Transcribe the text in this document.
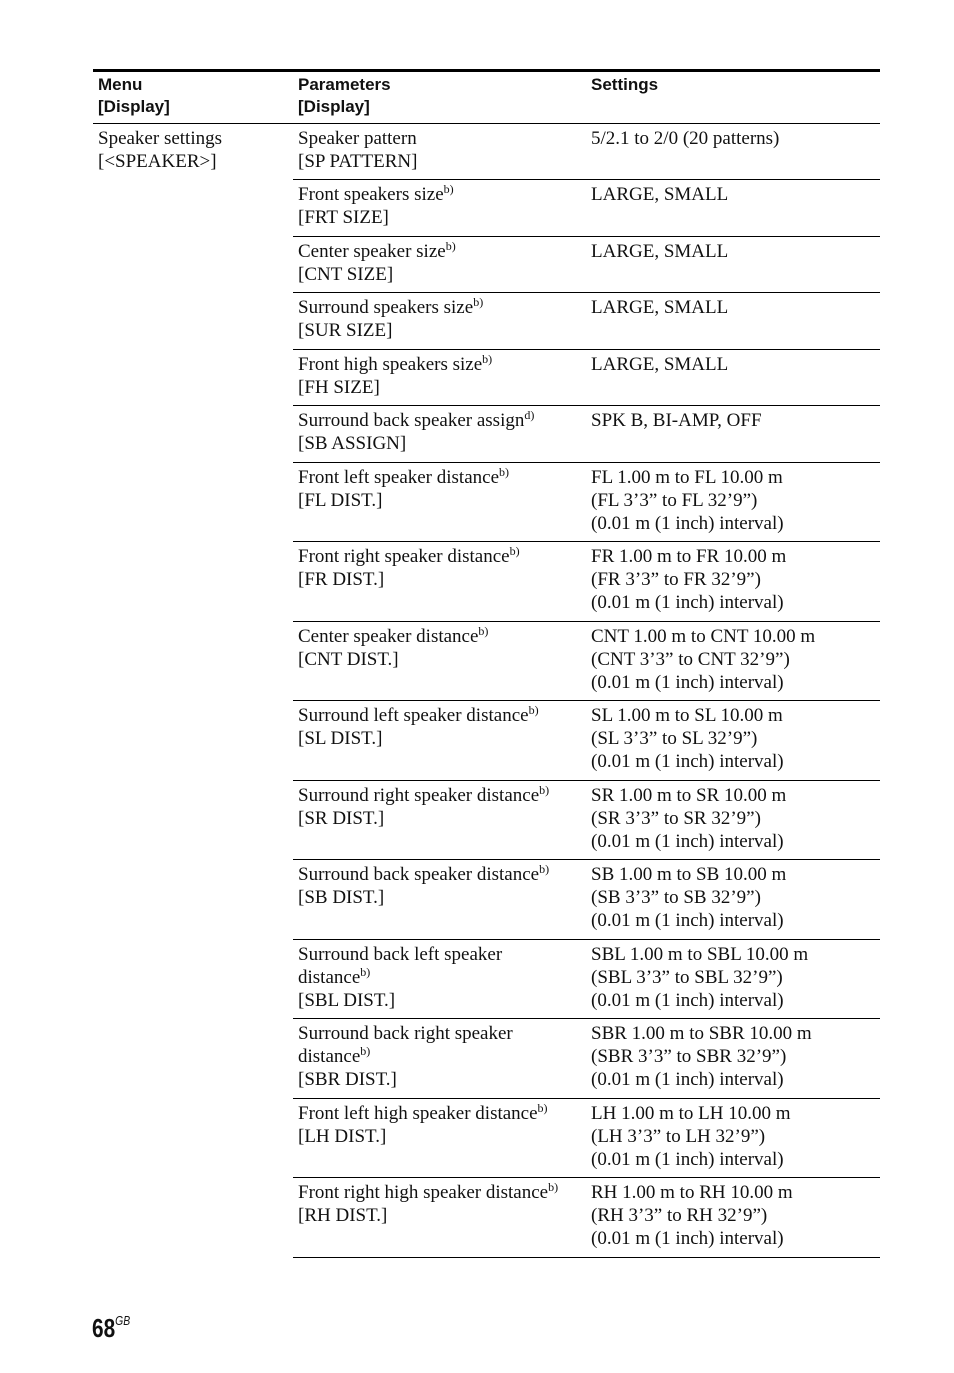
Menu
[Display]
Parameters
[Display]
Settings
Speaker settings
[<SPEAKER>]
Speaker pattern
[SP PATTERN]
5/2.1 to 2/0 (20 patterns)
Front speakers size$^{b)}$
[FRT SIZE]
LARGE, SMALL
Center speaker size$^{b)}$
[CNT SIZE]
LARGE, SMALL
Surround speakers size$^{b)}$
[SUR SIZE]
LARGE, SMALL
Front high speakers size$^{b)}$
[FH SIZE]
LARGE, SMALL
Surround back speaker assign$^{d)}$
[SB ASSIGN]
SPK B, BI-AMP, OFF
Front left speaker distance$^{b)}$
[FL DIST.]
FL 1.00 m to FL 10.00 m
(FL 3’3” to FL 32’9”)
(0.01 m (1 inch) interval)
Front right speaker distance$^{b)}$
[FR DIST.]
FR 1.00 m to FR 10.00 m
(FR 3’3” to FR 32’9”)
(0.01 m (1 inch) interval)
Center speaker distance$^{b)}$
[CNT DIST.]
CNT 1.00 m to CNT 10.00 m
(CNT 3’3” to CNT 32’9”)
(0.01 m (1 inch) interval)
Surround left speaker distance$^{b)}$
[SL DIST.]
SL 1.00 m to SL 10.00 m
(SL 3’3” to SL 32’9”)
(0.01 m (1 inch) interval)
Surround right speaker distance$^{b)}$
[SR DIST.]
SR 1.00 m to SR 10.00 m
(SR 3’3” to SR 32’9”)
(0.01 m (1 inch) interval)
Surround back speaker distance$^{b)}$
[SB DIST.]
SB 1.00 m to SB 10.00 m
(SB 3’3” to SB 32’9”)
(0.01 m (1 inch) interval)
Surround back left speaker
distance$^{b)}$
[SBL DIST.]
SBL 1.00 m to SBL 10.00 m
(SBL 3’3” to SBL 32’9”)
(0.01 m (1 inch) interval)
Surround back right speaker
distance$^{b)}$
[SBR DIST.]
SBR 1.00 m to SBR 10.00 m
(SBR 3’3” to SBR 32’9”)
(0.01 m (1 inch) interval)
Front left high speaker distance$^{b)}$
[LH DIST.]
LH 1.00 m to LH 10.00 m
(LH 3’3” to LH 32’9”)
(0.01 m (1 inch) interval)
Front right high speaker distance$^{b)}$
[RH DIST.]
RH 1.00 m to RH 10.00 m
(RH 3’3” to RH 32’9”)
(0.01 m (1 inch) interval)
$68^{GB}$
